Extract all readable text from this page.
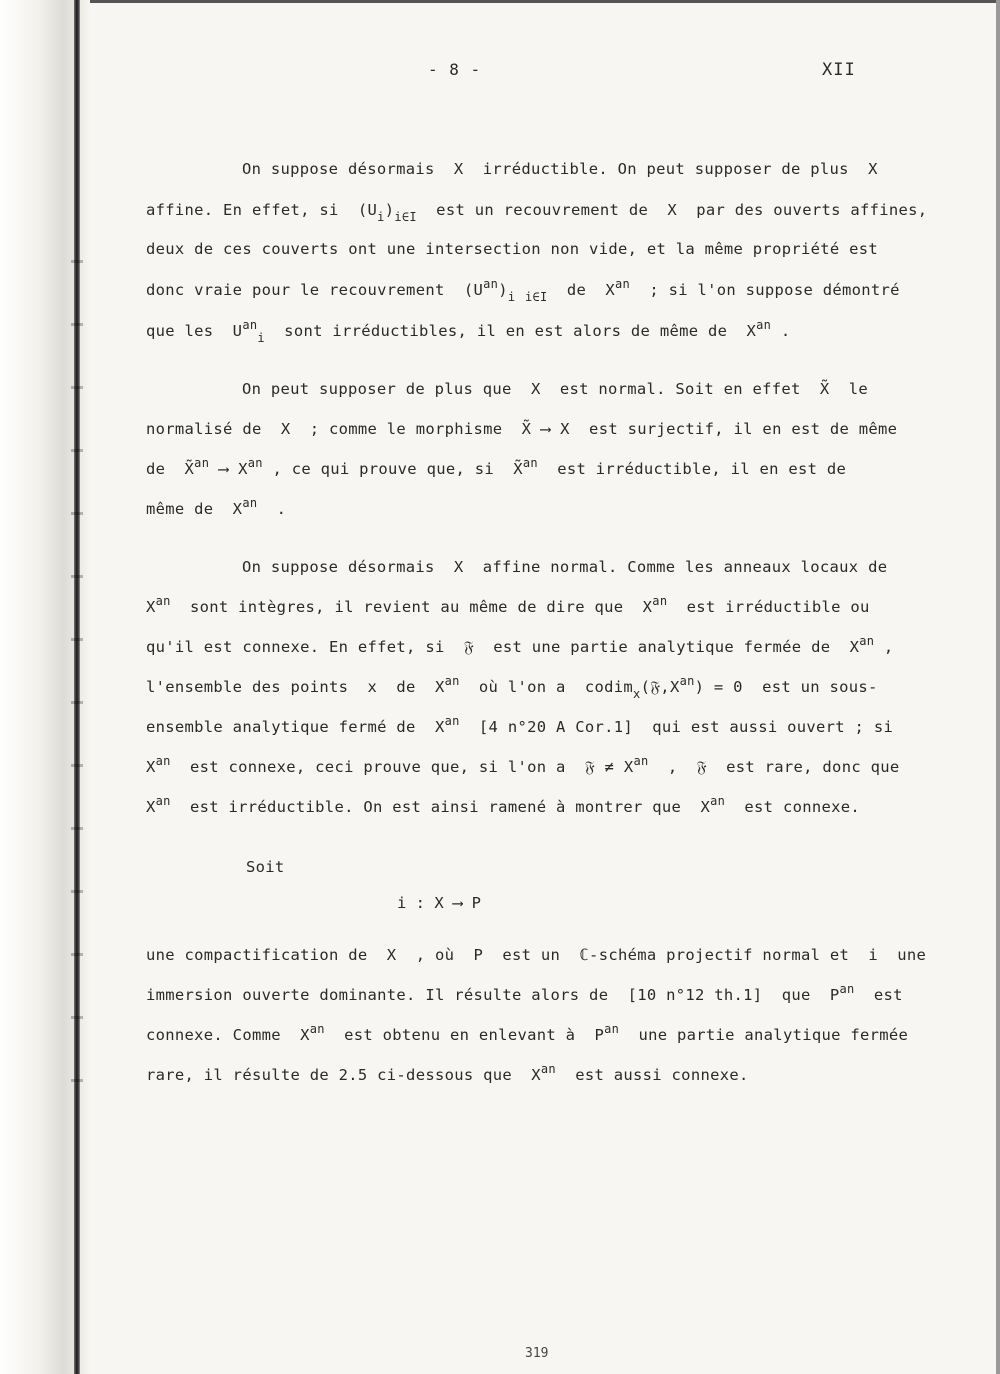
- 8 -	XII
On suppose désormais  X  irréductible. On peut supposer de plus  X
affine. En effet, si  $(U_i)_{i\in I}$  est un recouvrement de  X  par des ouverts affines,
deux de ces couverts ont une intersection non vide, et la même propriété est
donc vraie pour le recouvrement  $(U^{an})_i$ $_{i\in I}$  de  $X^{an}$  ; si l'on suppose démontré
que les  $U^{an}_i$  sont irréductibles, il en est alors de même de  $X^{an}$ .
On peut supposer de plus que  X  est normal. Soit en effet  X̃  le
normalisé de  X  ; comme le morphisme  X̃ ⟶ X  est surjectif, il en est de même
de  X̃$^{an}$ ⟶ $X^{an}$ , ce qui prouve que, si  X̃$^{an}$  est irréductible, il en est de
même de  $X^{an}$  .
On suppose désormais  X  affine normal. Comme les anneaux locaux de
$X^{an}$  sont intègres, il revient au même de dire que  $X^{an}$  est irréductible ou
qu'il est connexe. En effet, si  𝔉  est une partie analytique fermée de  $X^{an}$ ,
l'ensemble des points  x  de  $X^{an}$  où l'on a  $codim_x(𝔉,X^{an}) = 0$  est un sous-
ensemble analytique fermé de  $X^{an}$  [4 n°20 A Cor.1]  qui est aussi ouvert ; si
$X^{an}$  est connexe, ceci prouve que, si l'on a  𝔉 ≠ $X^{an}$  ,  𝔉  est rare, donc que
$X^{an}$  est irréductible. On est ainsi ramené à montrer que  $X^{an}$  est connexe.
Soit
i : X ⟶ P
une compactification de  X  , où  P  est un  ℂ-schéma projectif normal et  i  une
immersion ouverte dominante. Il résulte alors de  [10 n°12 th.1]  que  $P^{an}$  est
connexe. Comme  $X^{an}$  est obtenu en enlevant à  $P^{an}$  une partie analytique fermée
rare, il résulte de 2.5 ci-dessous que  $X^{an}$  est aussi connexe.
319
